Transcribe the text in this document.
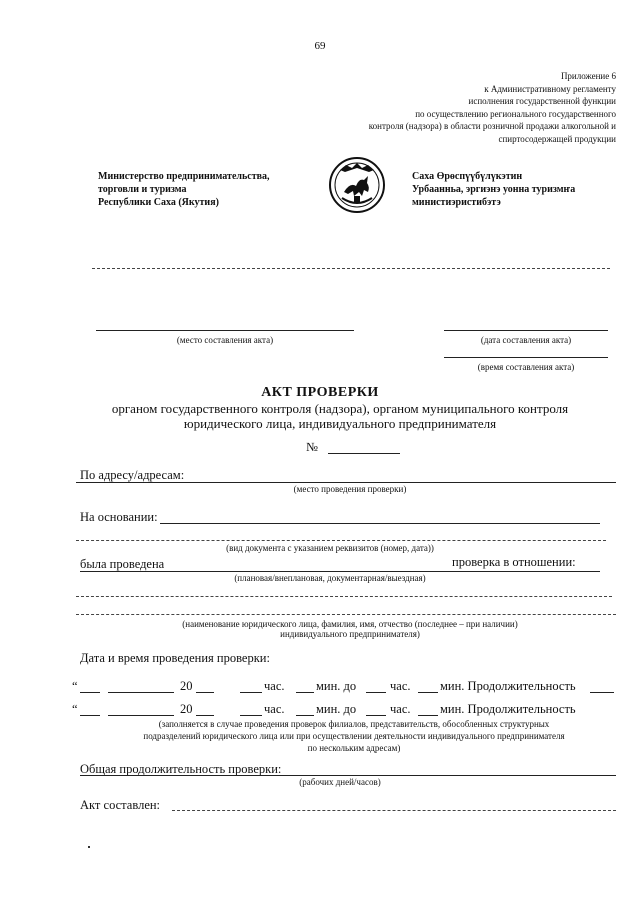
69
Приложение 6
к Административному регламенту
исполнения государственной функции
по осуществлению регионального государственного
контроля (надзора) в области розничной продажи алкогольной и
спиртосодержащей продукции
Министерство предпринимательства,
торговли и туризма
Республики Саха (Якутия)
Саха Өрөспүүбүлүкэтин
Урбаанньа, эргиэнэ уонна туризмҥа
министиэристибэтэ
(место составления акта)	(дата составления акта)
(время составления акта)
АКТ ПРОВЕРКИ
органом государственного контроля (надзора), органом муниципального контроля
юридического лица, индивидуального предпринимателя
№
По адресу/адресам:
(место проведения проверки)
На основании:
(вид документа с указанием реквизитов (номер, дата))
была проведена	проверка в отношении:
(плановая/внеплановая, документарная/выездная)
(наименование юридического лица, фамилия, имя, отчество (последнее – при наличии)
индивидуального предпринимателя)
Дата и время проведения проверки:
“	20	час.	мин. до	час. мин. Продолжительность
“	20	час.	мин. до	час. мин. Продолжительность
(заполняется в случае проведения проверок филиалов, представительств, обособленных структурных
подразделений юридического лица или при осуществлении деятельности индивидуального предпринимателя
по нескольким адресам)
Общая продолжительность проверки:
(рабочих дней/часов)
Акт составлен:
